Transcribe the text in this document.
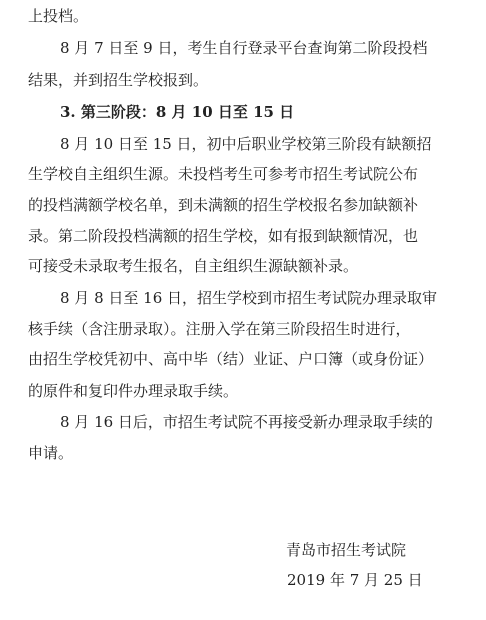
上投档。
8 月 7 日至 9 日，考生自行登录平台查询第二阶段投档
结果，并到招生学校报到。
3. 第三阶段：8 月 10 日至 15 日
8 月 10 日至 15 日，初中后职业学校第三阶段有缺额招
生学校自主组织生源。未投档考生可参考市招生考试院公布
的投档满额学校名单，到未满额的招生学校报名参加缺额补
录。第二阶段投档满额的招生学校，如有报到缺额情况，也
可接受未录取考生报名，自主组织生源缺额补录。
8 月 8 日至 16 日，招生学校到市招生考试院办理录取审
核手续（含注册录取）。注册入学在第三阶段招生时进行，
由招生学校凭初中、高中毕（结）业证、户口簿（或身份证）
的原件和复印件办理录取手续。
8 月 16 日后，市招生考试院不再接受新办理录取手续的
申请。
青岛市招生考试院
2019 年 7 月 25 日
